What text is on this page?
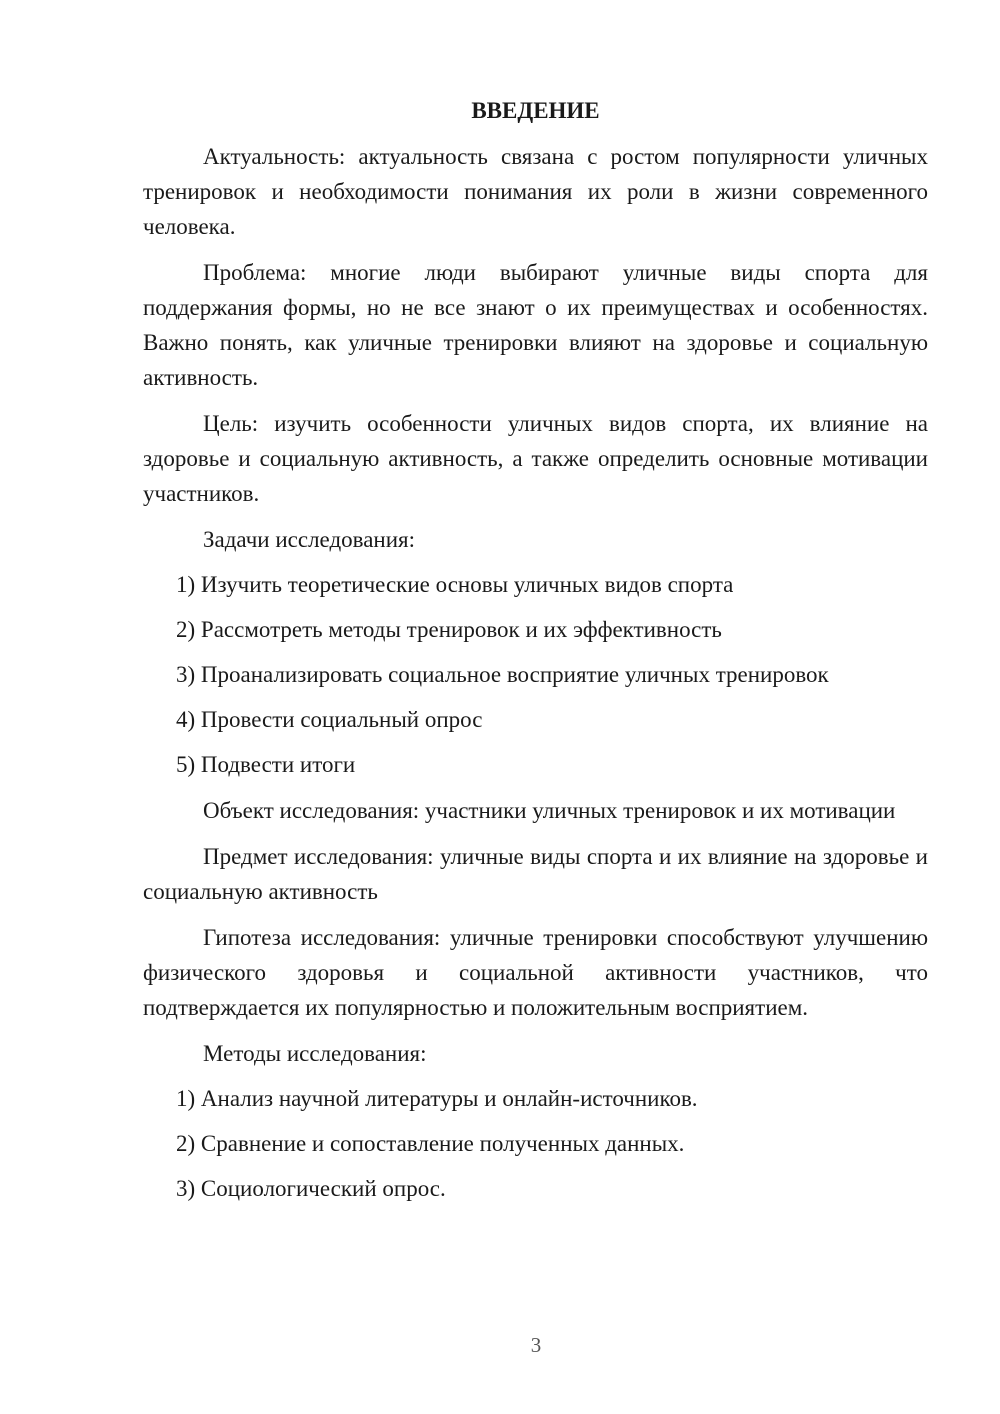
ВВЕДЕНИЕ

Актуальность: актуальность связана с ростом популярности уличных тренировок и необходимости понимания их роли в жизни современного человека.

Проблема: многие люди выбирают уличные виды спорта для поддержания формы, но не все знают о их преимуществах и особенностях. Важно понять, как уличные тренировки влияют на здоровье и социальную активность.

Цель: изучить особенности уличных видов спорта, их влияние на здоровье и социальную активность, а также определить основные мотивации участников.

Задачи исследования:
1) Изучить теоретические основы уличных видов спорта
2) Рассмотреть методы тренировок и их эффективность
3) Проанализировать социальное восприятие уличных тренировок
4) Провести социальный опрос
5) Подвести итоги

Объект исследования: участники уличных тренировок и их мотивации

Предмет исследования: уличные виды спорта и их влияние на здоровье и социальную активность

Гипотеза исследования: уличные тренировки способствуют улучшению физического здоровья и социальной активности участников, что подтверждается их популярностью и положительным восприятием.

Методы исследования:
1) Анализ научной литературы и онлайн-источников.
2) Сравнение и сопоставление полученных данных.
3) Социологический опрос.
3
